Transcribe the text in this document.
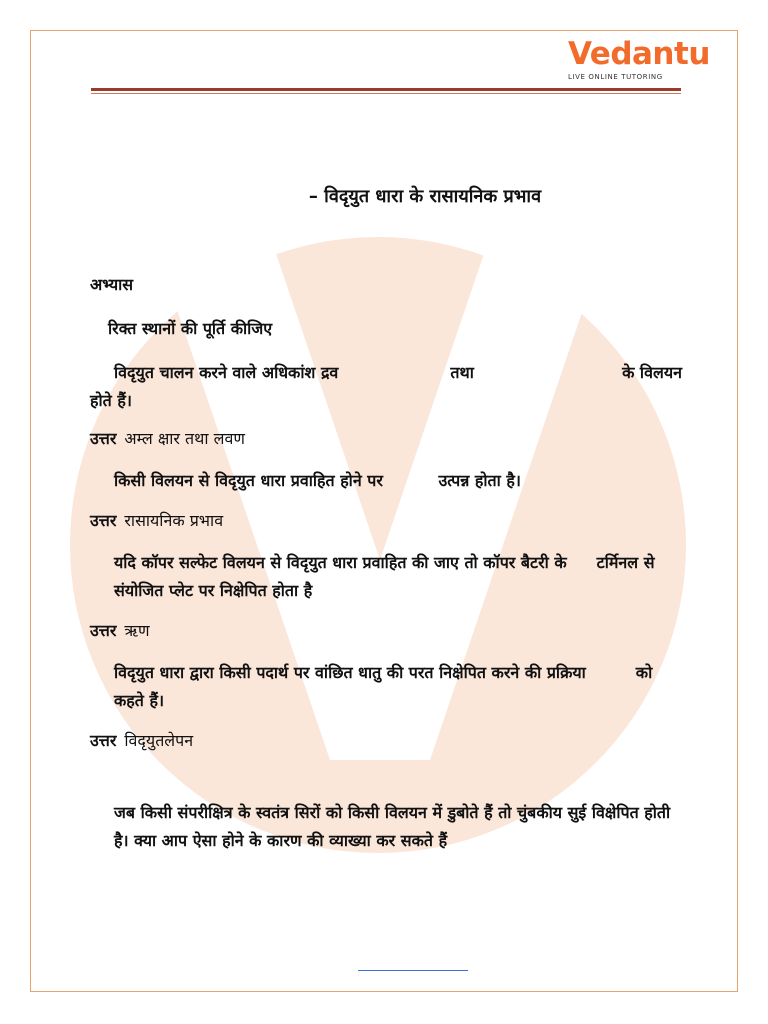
Vedantu
LIVE ONLINE TUTORING

– विदृयुत धारा के रासायनिक प्रभाव

अभ्यास

रिक्त स्थानों की पूर्ति कीजिए

विदृयुत चालन करने वाले अधिकांश द्रव	तथा	के विलयन

होते हैं।

उत्तर अम्ल क्षार तथा लवण

किसी विलयन से विदृयुत धारा प्रवाहित होने पर	उत्पन्न होता है।

उत्तर रासायनिक प्रभाव

यदि कॉपर सल्फेट विलयन से विदृयुत धारा प्रवाहित की जाए तो कॉपर बैटरी के टर्मिनल से संयोजित प्लेट पर निक्षेपित होता है

उत्तर ऋण

विदृयुत धारा द्वारा किसी पदार्थ पर वांछित धातु की परत निक्षेपित करने की प्रक्रिया	को कहते हैं।

उत्तर विदृयुतलेपन

जब किसी संपरीक्षित्र के स्वतंत्र सिरों को किसी विलयन में डुबोते हैं तो चुंबकीय सुई विक्षेपित होती है। क्या आप ऐसा होने के कारण की व्याख्या कर सकते हैं
